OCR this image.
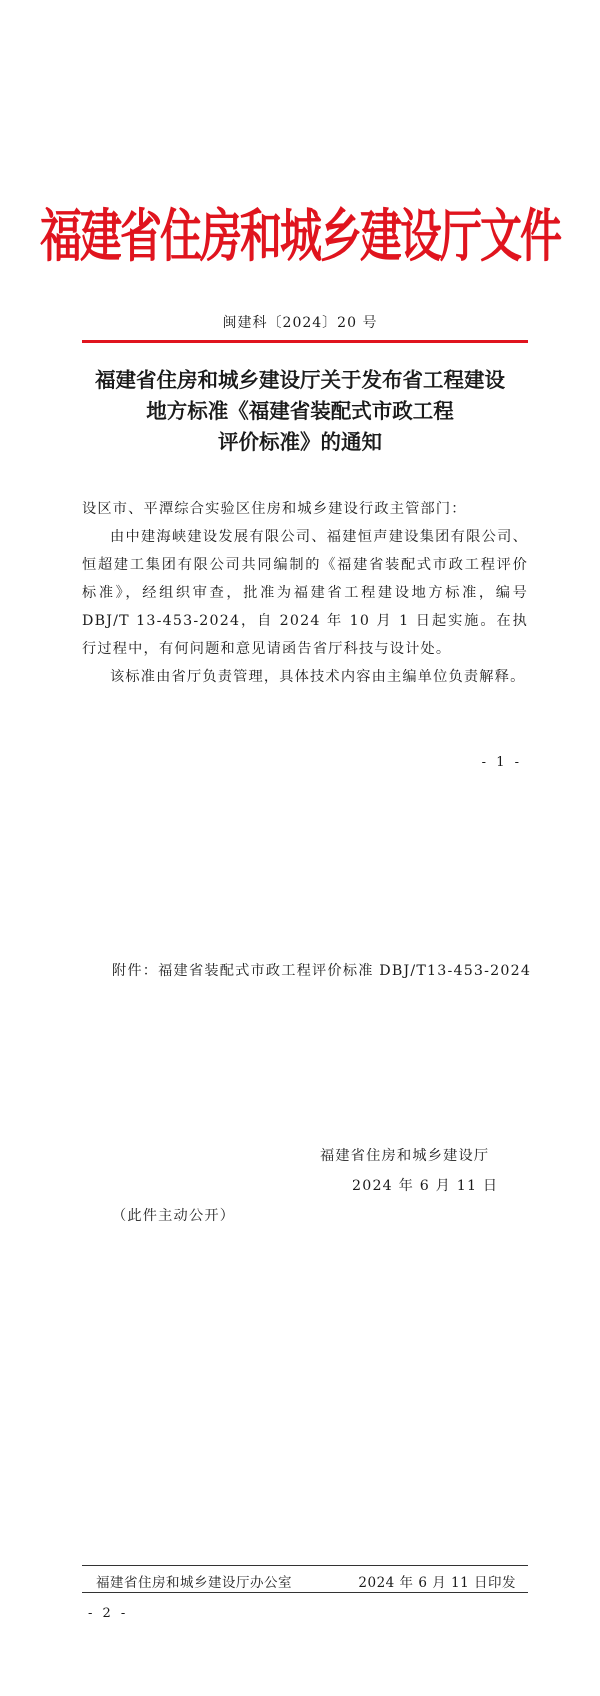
福建省住房和城乡建设厅文件
闽建科〔2024〕20 号
福建省住房和城乡建设厅关于发布省工程建设
地方标准《福建省装配式市政工程
评价标准》的通知
设区市、平潭综合实验区住房和城乡建设行政主管部门：
由中建海峡建设发展有限公司、福建恒声建设集团有限公司、恒超建工集团有限公司共同编制的《福建省装配式市政工程评价标准》，经组织审查，批准为福建省工程建设地方标准，编号 DBJ/T 13-453-2024，自 2024 年 10 月 1 日起实施。在执行过程中，有何问题和意见请函告省厅科技与设计处。
该标准由省厅负责管理，具体技术内容由主编单位负责解释。
- 1 -
附件：福建省装配式市政工程评价标准 DBJ/T13-453-2024
福建省住房和城乡建设厅
2024 年 6 月 11 日
（此件主动公开）
福建省住房和城乡建设厅办公室	2024 年 6 月 11 日印发
- 2 -
